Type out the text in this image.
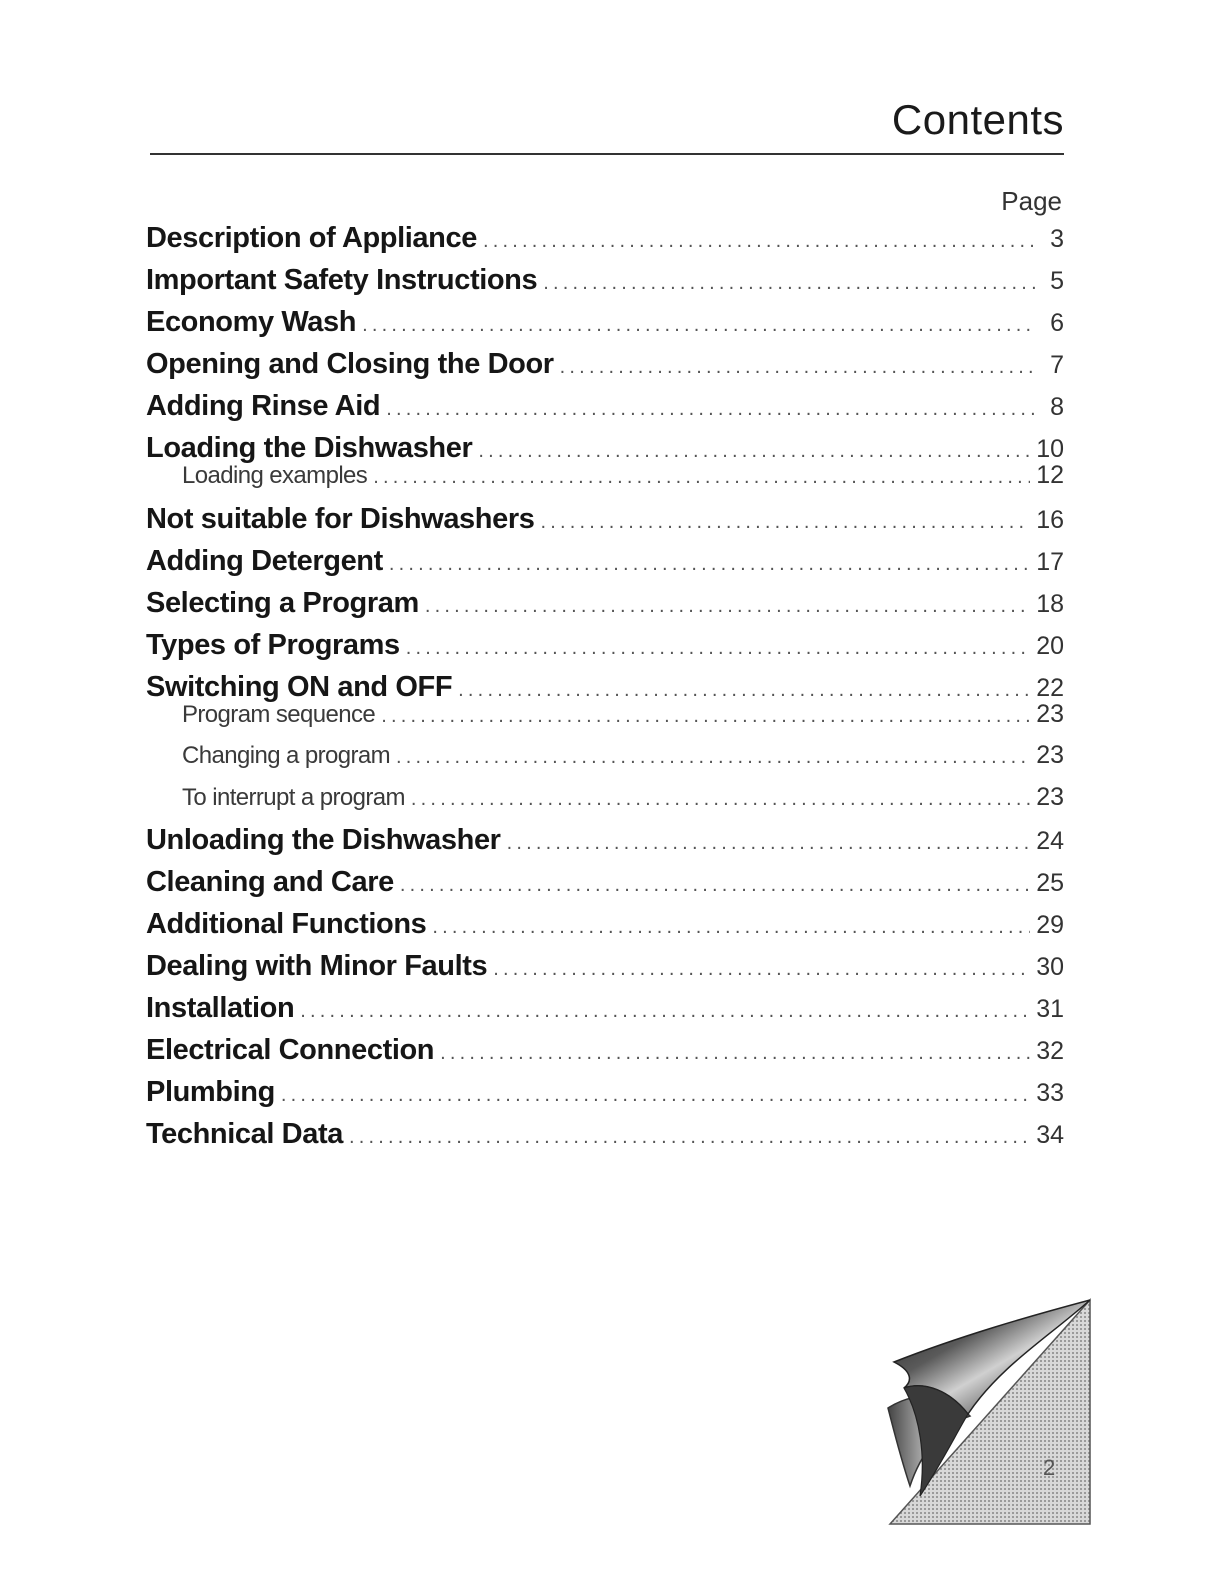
Contents
Page
Description of Appliance .....	3
Important Safety Instructions .....	5
Economy Wash .....	6
Opening and Closing the Door .....	7
Adding Rinse Aid .....	8
Loading the Dishwasher .....	10
Loading examples .....	12
Not suitable for Dishwashers .....	16
Adding Detergent .....	17
Selecting a Program .....	18
Types of Programs .....	20
Switching ON and OFF .....	22
Program sequence .....	23
Changing a program .....	23
To interrupt a program .....	23
Unloading the Dishwasher .....	24
Cleaning and Care .....	25
Additional Functions .....	29
Dealing with Minor Faults .....	30
Installation .....	31
Electrical Connection .....	32
Plumbing .....	33
Technical Data .....	34
2
